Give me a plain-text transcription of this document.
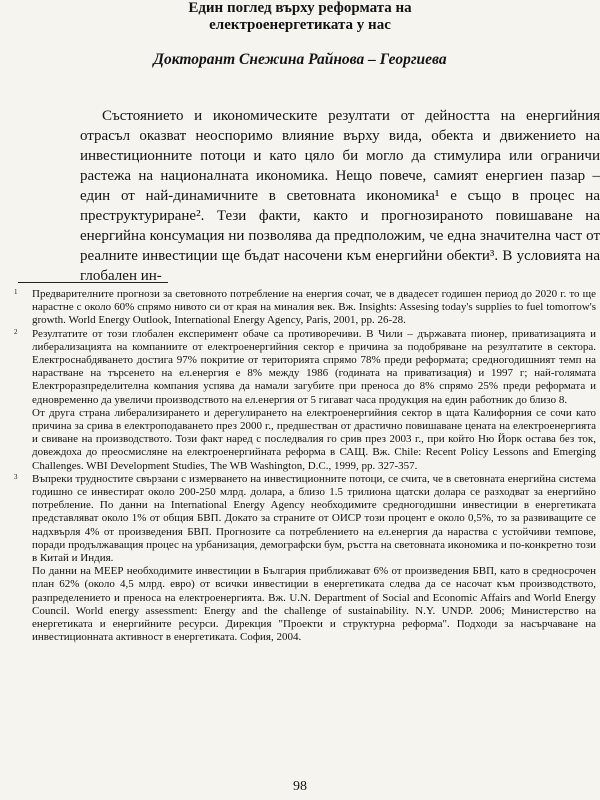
Един поглед върху реформата на
електроенергетиката у нас
Докторант Снежина Райнова – Георгиева

Състоянието и икономическите резултати от дейността на енергийния отрасъл оказват неоспоримо влияние върху вида, обекта и движението на инвестиционните потоци и като цяло би могло да стимулира или ограничи растежа на националната икономика. Нещо повече, самият енергиен пазар – един от най-динамичните в световната икономика¹ е също в процес на преструктуриране². Тези факти, както и прогнозираното повишаване на енергийна консумация ни позволява да предположим, че една значителна част от реалните инвестиции ще бъдат насочени към енергийни обекти³. В условията на глобален ин-

1 Предварителните прогнози за световното потребление на енергия сочат, че в двадесет годишен период до 2020 г. то ще нарастне с около 60% спрямо нивото си от края на миналия век. Вж. Insights: Assesing today's supplies to fuel tomorrow's growth. World Energy Outlook, International Energy Agency, Paris, 2001, pp. 26-28.
2 Резултатите от този глобален експеримент обаче са противоречиви. В Чили – държавата пионер, приватизацията и либерализацията на компаниите от електроенергийния сектор е причина за подобряване на резултатите в сектора. Електроснабдяването достига 97% покритие от територията спрямо 78% преди реформата; средногодишният темп на нарастване на търсенето на ел.енергия е 8% между 1986 (годината на приватизация) и 1997 г; най-голямата Електроразпределителна компания успява да намали загубите при преноса до 8% спрямо 25% преди реформата и едновременно да увеличи производството на ел.енергия от 5 гигават часа продукция на един работник до близо 8.
От друга страна либерализирането и дерегулирането на електроенергийния сектор в щата Калифорния се сочи като причина за срива в електроподаването през 2000 г., предшестван от драстично повишаване цената на електроенергията и свиване на производството. Този факт наред с последвалия го срив през 2003 г., при който Ню Йорк остава без ток, довеждоха до преосмисляне на електроенергийната реформа в САЩ. Вж. Chile: Recent Policy Lessons and Emerging Challenges. WBI Development Studies, The WB Washington, D.C., 1999, pp. 327-357.
3 Въпреки трудностите свързани с измерването на инвестиционните потоци, се счита, че в световната енергийна система годишно се инвестират около 200-250 млрд. долара, а близо 1.5 трилиона щатски долара се разходват за енергийно потребление. По данни на International Energy Agency необходимите средногодишни инвестиции в енергетиката представляват около 1% от общия БВП. Докато за страните от ОИСР този процент е около 0,5%, то за развиващите се надхвърля 4% от произведения БВП. Прогнозите са потреблението на ел.енергия да нараства с устойчиви темпове, поради продължаващия процес на урбанизация, демографски бум, ръстта на световната икономика и по-конкретно този в Китай и Индия.
По данни на МЕЕР необходимите инвестиции в България приближават 6% от произведения БВП, като в средносрочен план 62% (около 4,5 млрд. евро) от всички инвестиции в енергетиката следва да се насочат към производството, разпределението и преноса на електроенергията. Вж. U.N. Department of Social and Economic Affairs and World Energy Council. World energy assessment: Energy and the challenge of sustainability. N.Y. UNDP. 2006; Министерство на енергетиката и енергийните ресурси. Дирекция "Проекти и структурна реформа". Подходи за насърчаване на инвестиционната активност в енергетиката. София, 2004.
98
